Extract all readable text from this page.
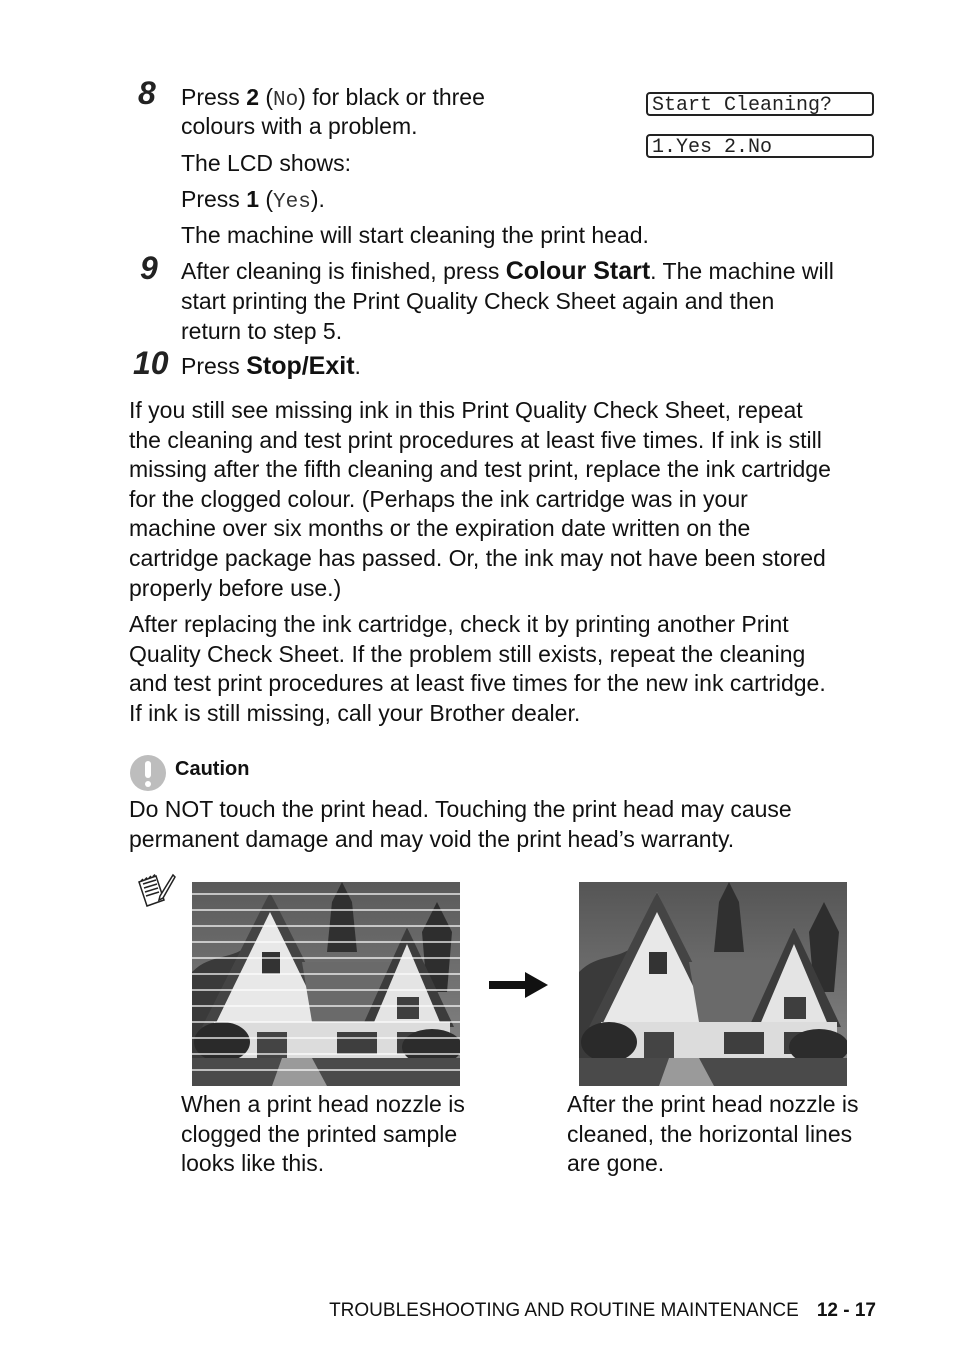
8 Press 2 (No) for black or three
colours with a problem.
The LCD shows:
Press 1 (Yes).
The machine will start cleaning the print head.
Start Cleaning?
1.Yes 2.No
9 After cleaning is finished, press Colour Start. The machine will
start printing the Print Quality Check Sheet again and then
return to step 5.
10 Press Stop/Exit.
If you still see missing ink in this Print Quality Check Sheet, repeat
the cleaning and test print procedures at least five times. If ink is still
missing after the fifth cleaning and test print, replace the ink cartridge
for the clogged colour. (Perhaps the ink cartridge was in your
machine over six months or the expiration date written on the
cartridge package has passed. Or, the ink may not have been stored
properly before use.)
After replacing the ink cartridge, check it by printing another Print
Quality Check Sheet. If the problem still exists, repeat the cleaning
and test print procedures at least five times for the new ink cartridge.
If ink is still missing, call your Brother dealer.
Caution
Do NOT touch the print head. Touching the print head may cause
permanent damage and may void the print head’s warranty.
When a print head nozzle is
clogged the printed sample
looks like this.
After the print head nozzle is
cleaned, the horizontal lines
are gone.
TROUBLESHOOTING AND ROUTINE MAINTENANCE 12 - 17
